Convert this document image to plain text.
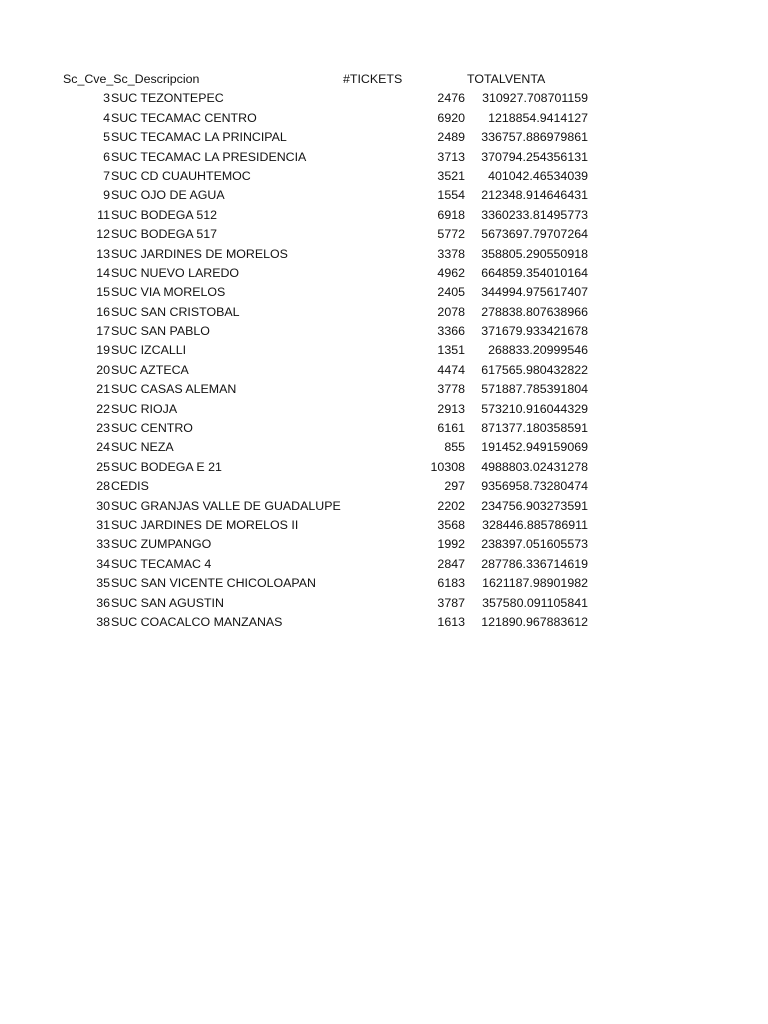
Sc_Cve_Sc_Descripcion	#TICKETS	TOTALVENTA
3 SUC TEZONTEPEC	2476 310927.708701159
4 SUC TECAMAC CENTRO	6920 1218854.9414127
5 SUC TECAMAC LA PRINCIPAL	2489 336757.886979861
6 SUC TECAMAC LA PRESIDENCIA	3713 370794.254356131
7 SUC CD CUAUHTEMOC	3521 401042.46534039
9 SUC OJO DE AGUA	1554 212348.914646431
11 SUC BODEGA 512	6918 3360233.81495773
12 SUC BODEGA 517	5772 5673697.79707264
13 SUC JARDINES DE MORELOS	3378 358805.290550918
14 SUC NUEVO LAREDO	4962 664859.354010164
15 SUC VIA MORELOS	2405 344994.975617407
16 SUC SAN CRISTOBAL	2078 278838.807638966
17 SUC SAN PABLO	3366 371679.933421678
19 SUC IZCALLI	1351 268833.20999546
20 SUC AZTECA	4474 617565.980432822
21 SUC CASAS ALEMAN	3778 571887.785391804
22 SUC RIOJA	2913 573210.916044329
23 SUC CENTRO	6161 871377.180358591
24 SUC NEZA	855 191452.949159069
25 SUC BODEGA E 21	10308 4988803.02431278
28 CEDIS	297 9356958.73280474
30 SUC GRANJAS VALLE DE GUADALUPE	2202 234756.903273591
31 SUC JARDINES DE MORELOS II	3568 328446.885786911
33 SUC ZUMPANGO	1992 238397.051605573
34 SUC TECAMAC 4	2847 287786.336714619
35 SUC SAN VICENTE CHICOLOAPAN	6183 1621187.98901982
36 SUC SAN AGUSTIN	3787 357580.091105841
38 SUC COACALCO MANZANAS	1613 121890.967883612
